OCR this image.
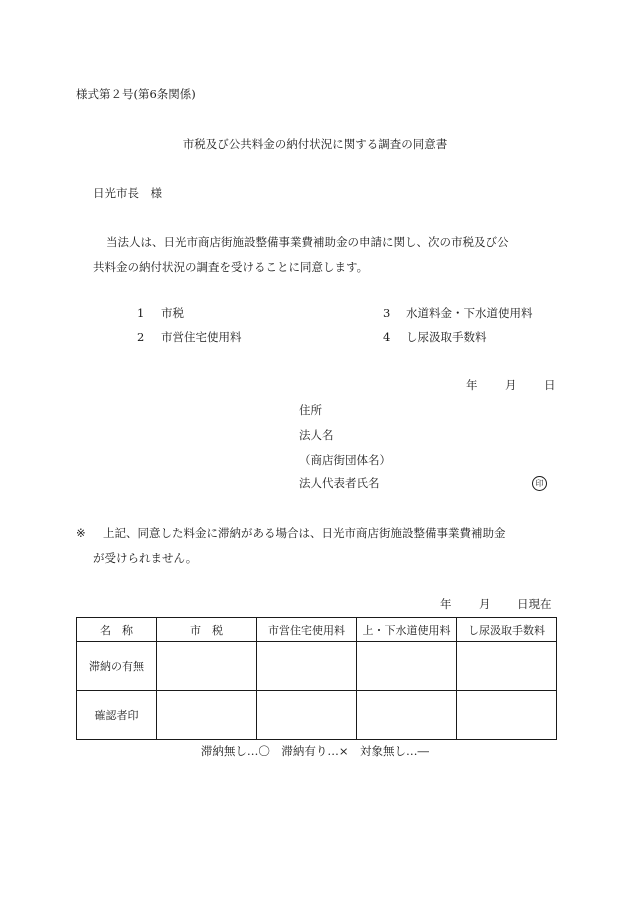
様式第２号(第6条関係)
市税及び公共料金の納付状況に関する調査の同意書
日光市長　様
当法人は、日光市商店街施設整備事業費補助金の申請に関し、次の市税及び公
共料金の納付状況の調査を受けることに同意します。
1 市税
2 市営住宅使用料
3 水道料金・下水道使用料
4 し尿汲取手数料
年 月 日
住所
法人名
（商店街団体名）
法人代表者氏名	印
※ 上記、同意した料金に滞納がある場合は、日光市商店街施設整備事業費補助金
が受けられません。
年 月 日現在
名　称	市　税	市営住宅使用料	上・下水道使用料	し尿汲取手数料
滞納の有無				
確認者印				
滞納無し…〇　滞納有り…×　対象無し…―
